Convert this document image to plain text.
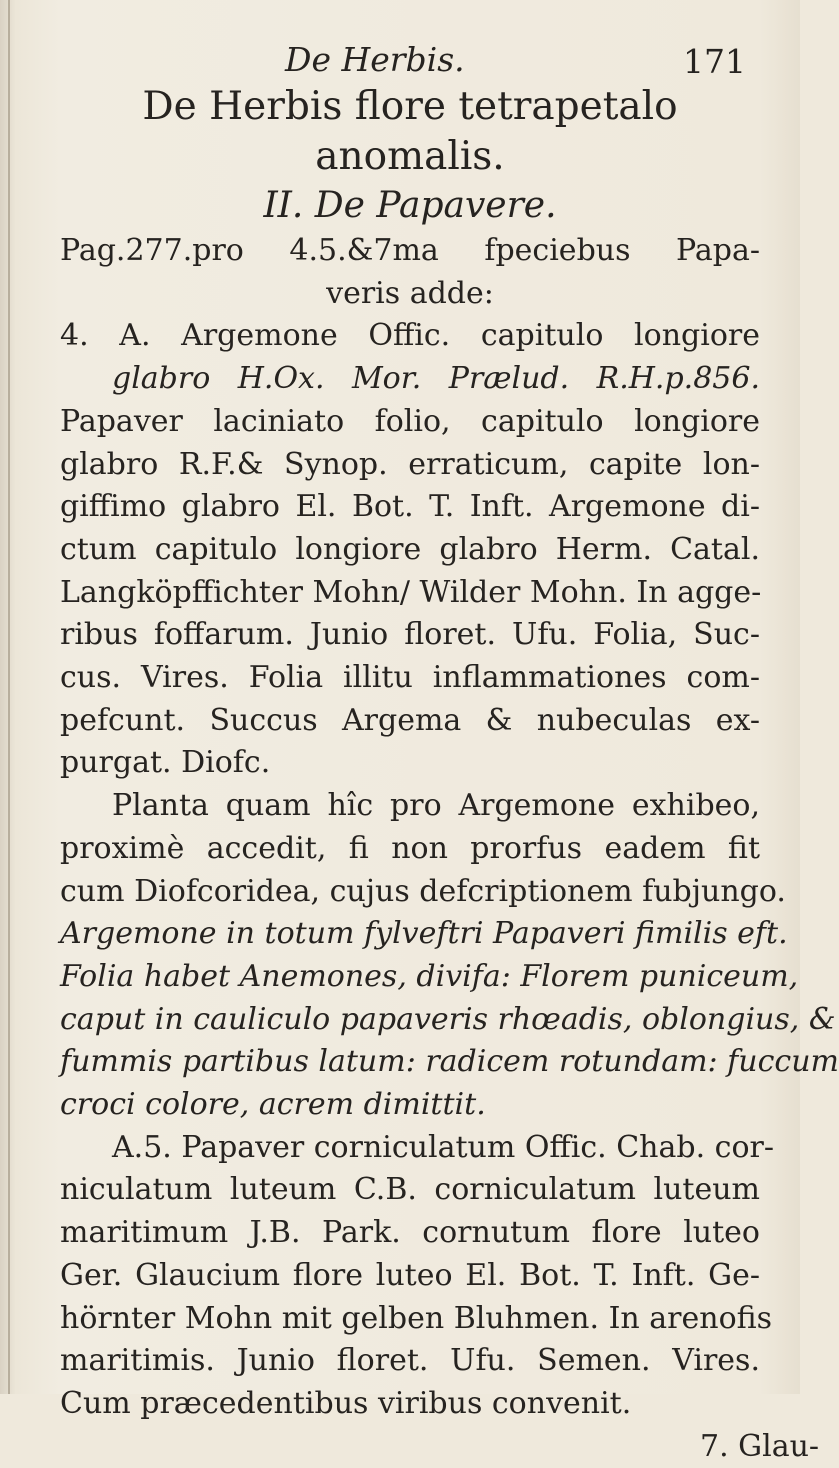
De Herbis.	171
De Herbis flore tetrapetalo
anomalis.
II. De Papavere.
Pag.277.pro 4.5.&7ma fpeciebus Papa-
veris adde:
4. A. Argemone Offic. capitulo longiore
glabro H.Ox. Mor. Prælud. R.H.p.856.
Papaver laciniato folio, capitulo longiore
glabro R.F.& Synop. erraticum, capite lon-
giffimo glabro El. Bot. T. Inft. Argemone di-
ctum capitulo longiore glabro Herm. Catal.
Langköpffichter Mohn/ Wilder Mohn. In agge-
ribus foffarum. Junio floret. Ufu. Folia, Suc-
cus. Vires. Folia illitu inflammationes com-
pefcunt. Succus Argema & nubeculas ex-
purgat. Diofc.
Planta quam hîc pro Argemone exhibeo,
proximè accedit, fi non prorfus eadem fit
cum Diofcoridea, cujus defcriptionem fubjungo.
Argemone in totum fylveftri Papaveri fimilis eft.
Folia habet Anemones, divifa: Florem puniceum,
caput in cauliculo papaveris rhœadis, oblongius, &
fummis partibus latum: radicem rotundam: fuccum
croci colore, acrem dimittit.
A.5. Papaver corniculatum Offic. Chab. cor-
niculatum luteum C.B. corniculatum luteum
maritimum J.B. Park. cornutum flore luteo
Ger. Glaucium flore luteo El. Bot. T. Inft. Ge-
hörnter Mohn mit gelben Bluhmen. In arenofis
maritimis. Junio floret. Ufu. Semen. Vires.
Cum præcedentibus viribus convenit.
7. Glau-
